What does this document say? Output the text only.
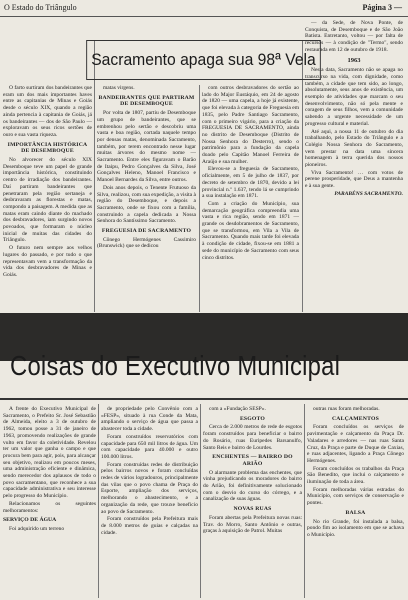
O Estado do Triângulo	Página 3 —

O farto surtiram dos bandeirantes que eram um dos mais importantes haves entre as capitanias de Minas e Goiás desde o século XIX, quando a região ainda pertencia à capitania de Goiás, já os bandeirantes — dos de São Paulo — exploravam os seus ricos sertões de ouro e sua vasta riqueza.

IMPORTÂNCIA HISTÓRICA DE DESEMBOQUE

No alvorecer do século XIX Desemboque teve um papel de grande importância histórica, constituindo centro de irradiação dos bandeirantes. Daí partiram bandeirantes que penetraram pela região sertaneja e desbravaram as florestas e matas, compondo a paisagem. A medida que as matas eram caindo diante do machado dos desbravadores, iam surgindo novos povoados, que formaram o núcleo inicial de muitas das cidades do Triângulo.

O futuro nem sempre aos velhos lugares do passado, e por tudo o que representavam vem a transformação da vida dos desbravadores de Minas e Goiás.

matas virgens.

BANDEIRANTES QUE PARTIRAM DE DESEMBOQUE

Por volta de 1807, partiu de Desemboque um grupo de bandeirantes, que se embrenhou pelo sertão e descobriu uma vasta e boa região, cortada naquele tempo por densas matas, denominada Sacramento, também, por terem encontrado nesse lugar muitas árvores do mesmo nome — Sacramento. Entre eles figuravam o Barão de Itaipu, Pedro Gonçalves da Silva, José Gonçalves Heleno, Manoel Francisco e Manoel Bernardes da Silva, entre outros.

Dois anos depois, o Tenente Frutuoso da Silva, realizou, com sua expedição, a visita à região do Desemboque, e depois a Sacramento, onde se fixou com a família, construindo a capela dedicada a Nossa Senhora do Santíssimo Sacramento.

FREGUESIA DE SACRAMENTO

Cônego Hermógenes Cassimiro (Brunswick) que se dedicou

com outros desbravadores do sertão ao lado do Major Eustáquio, em 24 de agosto de 1820 — uma capela, a hoje já existente, que foi elevada à categoria de Freguesia em 1835, pelo Padre Santiago Sacramento, com o primeiro vigário, para a criação da FREGUESIA DE SACRAMENTO, ainda no distrito de Desemboque (Distrito de Nossa Senhora do Desterro), sendo o patrimônio para a fundação da capela doado pelo Capitão Manoel Ferreira de Araújo e sua mulher.

Elevou-se a freguesia de Sacramento, oficialmente, em 5 de julho de 1837, por decreto de setembro de 1870, devido a lei provincial n.º 1.637, tendo lá se cumprindo a sua instalação em 1871.

Com a criação do Município, sua demarcação geográfica compreendia uma vasta e rica região, sendo em 1871 — grande os desdobramentos de Sacramento, que se transformou, em Vila a Vila de Sacramento. Quando mais tarde foi elevada à condição de cidade, fixou-se em 1881 a sede do município de Sacramento com seus cinco distritos.

— da Sede, de Nova Ponte, de Conquista, de Desemboque e de São João Batista. Entretanto, voltou — por falta de recursos — à condição de "Termo", sendo restaurada em 12 de outubro de 1918.

1963

Nesta data, Sacramento não se apaga no transcurso na vida, com dignidade, como também, a cidade que tem sido, ao longo, absolutamente, seus anos de existência, um exemplo de atividades que marcam o seu desenvolvimento, não só pela mente e coragem de seus filhos, vem a comunidade sabendo a urgente necessidade de um progresso cultural e material.

Até aqui, a nossa 11 de outubro do dia trabalhando, pelo Estado do Triângulo e a Colégio Nossa Senhora do Sacramento, vem prestar na data uma sincera homenagem à terra querida dos nossos pioneiros.

Viva Sacramento! … com votos de perene prosperidade, que Deus a mantenha e à sua gente.

PARABÉNS SACRAMENTO.

Sacramento apaga sua 98ª Vela
Coisas do Executivo Municipal

A frente do Executivo Municipal de Sacramento, o Prefeito Sr. José Sebastião de Almeida, eleito a 3 de outubro de 1962, tomou posse a 31 de janeiro de 1963, promovendo realizações de grande vulto em favor da coletividade. Revelou ter um valor que ganha o campo e que procura bem para agir, pois, para alcançar seu objetivo, realizou em poucos meses, uma administração eficiente e dinâmica, sendo merecedor dos aplausos de todo o povo sacramentano, que reconhece a sua capacidade administrativa e seu interesse pelo progresso do Município.

Relacionamos os seguintes melhoramentos:

SERVIÇO DE ÁGUA

Foi adquirido um terreno

de propriedade pelo Convênio com a «FESP», situado à rua Conde da Mata, ampliando o serviço de água que passa a abastecer toda a cidade.

Foram construídos reservatórios com capacidade para 650 mil litros de água. Um com capacidade para 40.000 e outro 100.000 litros.

Foram construídas redes de distribuição pelos bairros novos e foram concluídas redes de vários logradouros, principalmente das vilas que o povo chama de Praça do Esporte, ampliação dos serviços, melhorando o abastecimento, e a organização da rede, que trouxe beneficio ao povo de Sacramento.

Foram construídos pela Prefeitura mais de 8.000 metros de guias e calçadas na cidade.

com a «Fundação SESP».

ESGOTO

Cerca de 2.000 metros de rede de esgotos foram construídos para beneficiar o bairro do Rosário, ruas Euripedes Barsanulfo, Santo Reis e bairro de Lourdes.

ENCHENTES — BAIRRO DO ARIÃO

O alarmante problema das enchentes, que vinha prejudicando os moradores do bairro do Arião, foi definitivamente solucionado com o desvio do curso do córrego, e a canalização de suas águas.

NOVAS RUAS

Foram abertas pela Prefeitura novas ruas: Trav. do Morro, Santo Antônio e outras, graças à aquisição de Patrol. Muitas

outras ruas foram melhoradas.

CALÇAMENTOS

Foram concluídos os serviços de pavimentação e calçamento da Praça Dr. Valadares e arredores — nas ruas Santa Cruz, da Praça e parte de Duque de Caxias, e ruas adjacentes, ligando a Praça Cônego Hermógenes.

Foram concluídos os trabalhos da Praça São Benedito, que inclui o calçamento e iluminação de toda a área.

Foram melhoradas várias estradas do Município, com serviços de conservação e pontes.

BALSA

No rio Grande, foi instalada a balsa, pondo fim ao isolamento em que se achava o Município.
